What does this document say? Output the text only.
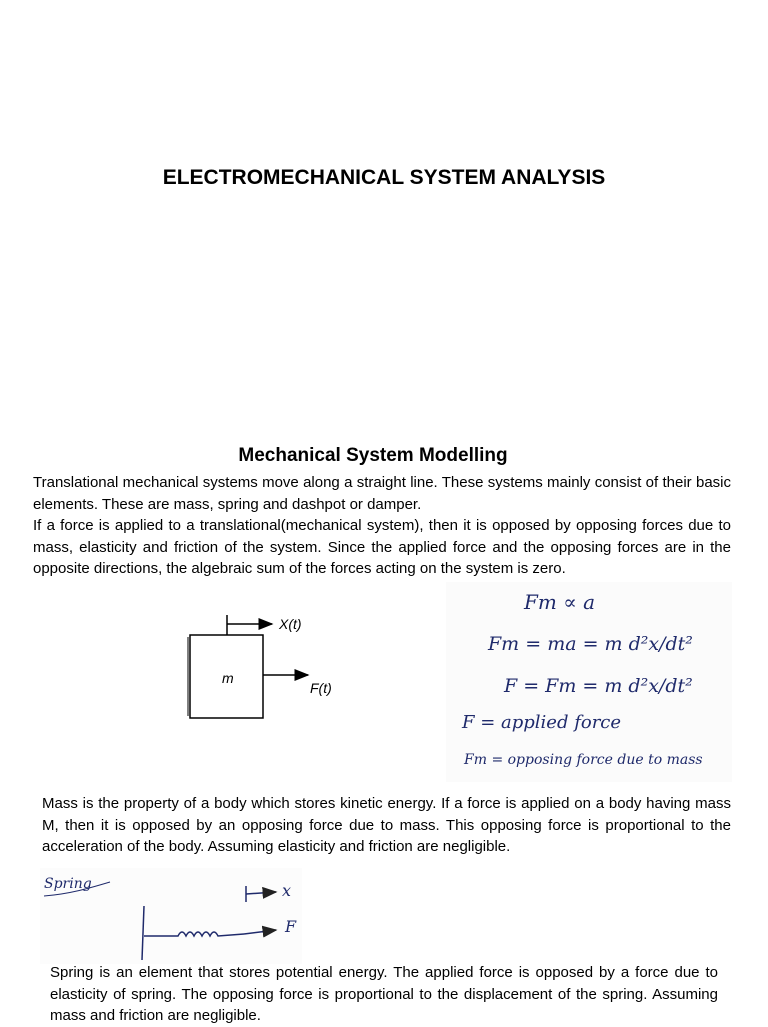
ELECTROMECHANICAL SYSTEM ANALYSIS
Mechanical System Modelling
Translational mechanical systems move along a straight line. These systems mainly consist of their basic elements. These are mass, spring and dashpot or damper.
If a force is applied to a translational(mechanical system), then it is opposed by opposing forces due to mass, elasticity and friction of the system. Since the applied force and the opposing forces are in the opposite directions, the algebraic sum of the forces acting on the system is zero.
X(t)
m
F(t)
Fm ∝ a
Fm = ma = m d²x/dt²
F = Fm = m d²x/dt²
F = applied force
Fm = opposing force due to mass
Mass is the property of a body which stores kinetic energy. If a force is applied on a body having mass M, then it is opposed by an opposing force due to mass. This opposing force is proportional to the acceleration of the body. Assuming elasticity and friction are negligible.
Spring
F
x
Spring is an element that stores potential energy. The applied force is opposed by a force due to elasticity of spring. The opposing force is proportional to the displacement of the spring. Assuming mass and friction are negligible.
